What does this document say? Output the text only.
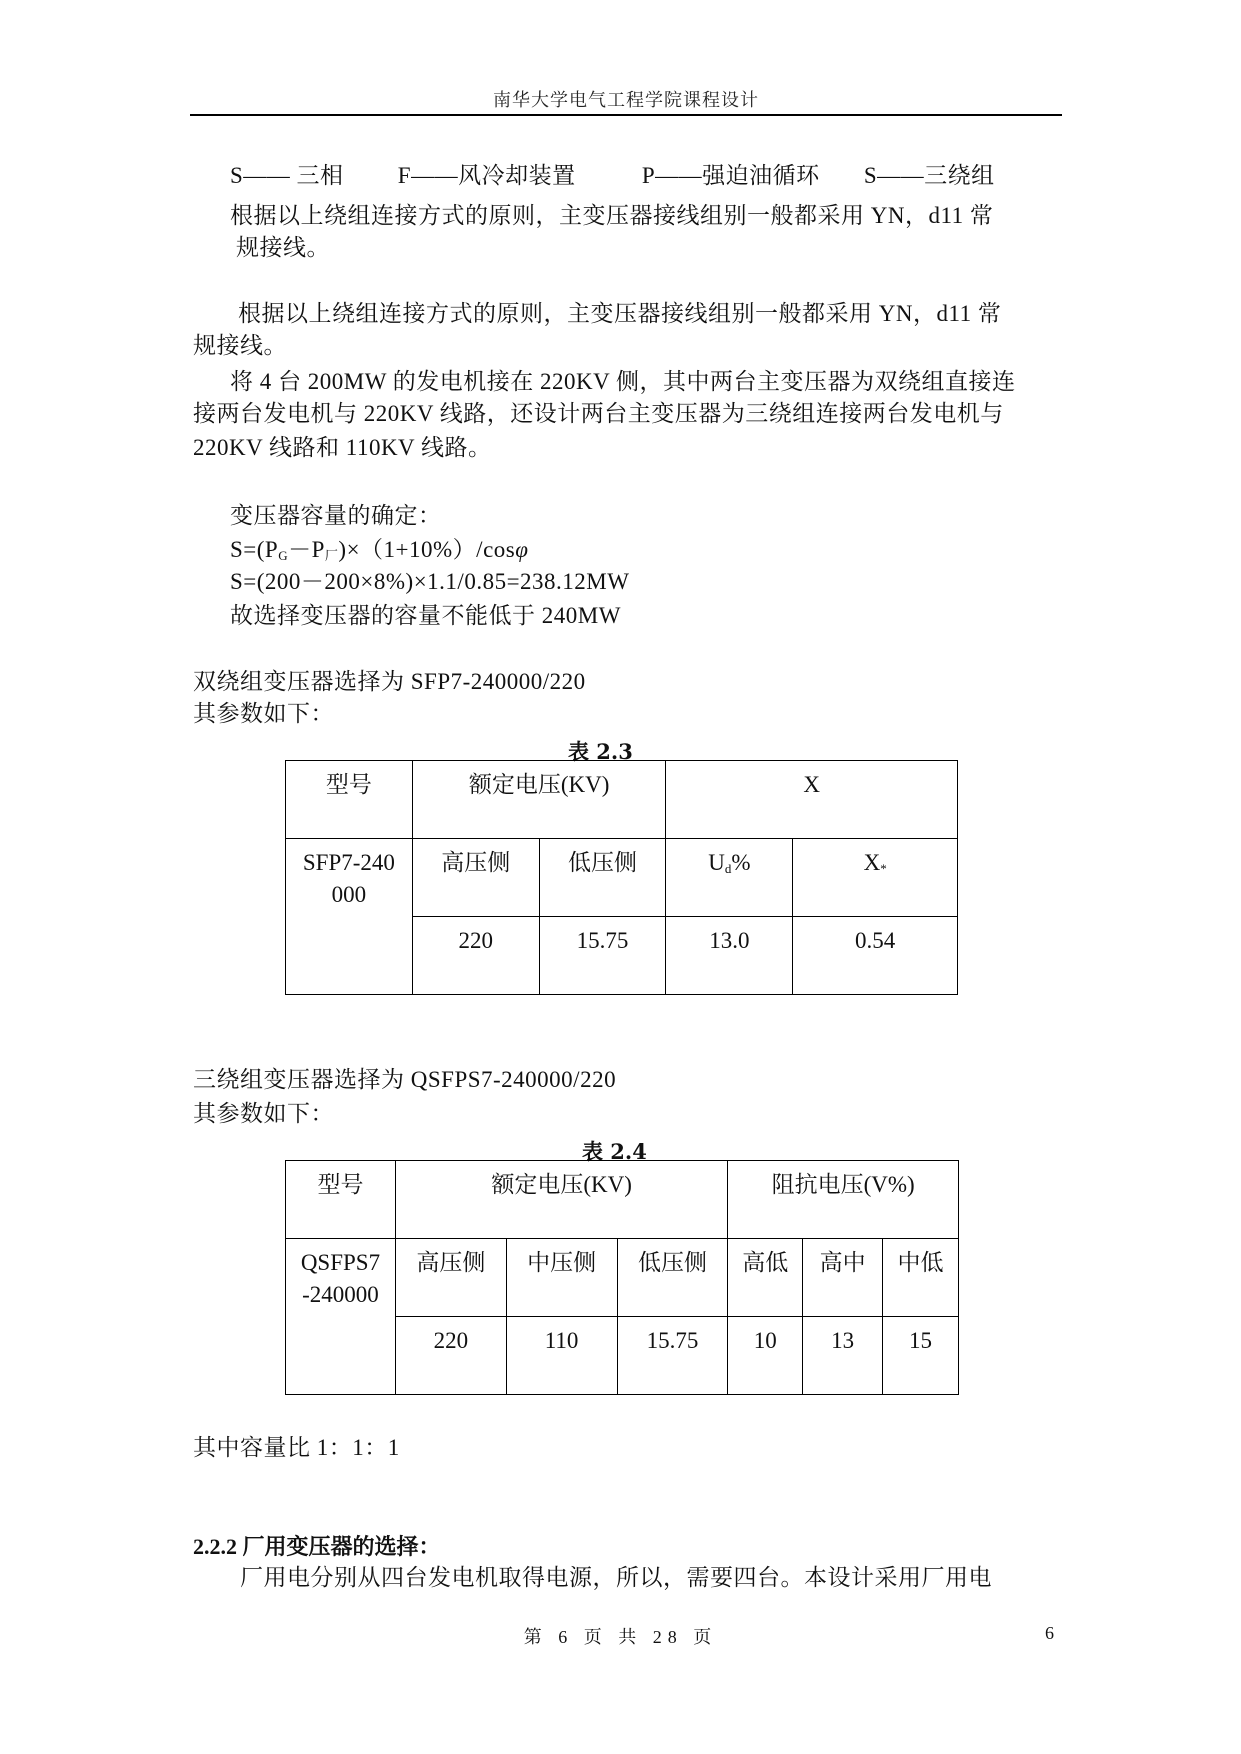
南华大学电气工程学院课程设计
S—— 三相 F——风冷却装置	P——强迫油循环 S——三绕组
根据以上绕组连接方式的原则，主变压器接线组别一般都采用 YN，d11 常
规接线。
根据以上绕组连接方式的原则，主变压器接线组别一般都采用 YN，d11 常
规接线。
将 4 台 200MW 的发电机接在 220KV 侧，其中两台主变压器为双绕组直接连
接两台发电机与 220KV 线路，还设计两台主变压器为三绕组连接两台发电机与
220KV 线路和 110KV 线路。
变压器容量的确定：
$S=(P_G-P_厂)\times(1+10\%)$/cosφ
S=(200－200×8%)×1.1/0.85=238.12MW
故选择变压器的容量不能低于 240MW
双绕组变压器选择为 SFP7-240000/220
其参数如下：
表 2.3
型号	额定电压(KV)		X	

SFP7-240
000	高压侧	低压侧	$U_d\%$	$X_*$
	220	15.75	13.0	0.54
三绕组变压器选择为 QSFPS7-240000/220
其参数如下：
表 2.4
型号	额定电压(KV)			阻抗电压(V%)		

QSFPS7
-240000	高压侧	中压侧	低压侧	高低	高中	中低
	220	110	15.75	10	13	15
其中容量比 1：1：1
2.2.2 厂用变压器的选择：
厂用电分别从四台发电机取得电源，所以，需要四台。本设计采用厂用电
第 6 页 共 28 页	6
